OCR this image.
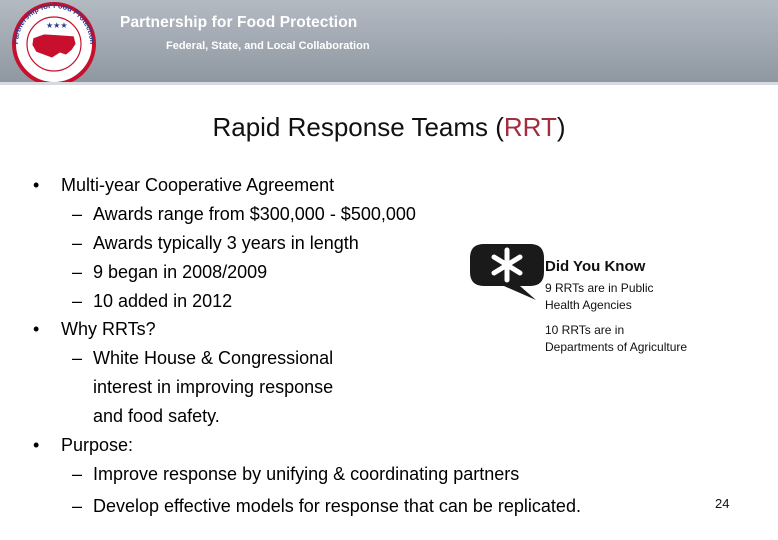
Partnership for Food Protection
★★★	Partnership for Food Protection
Federal, State, and Local Collaboration
Rapid Response Teams (RRT)
• Multi-year Cooperative Agreement
– Awards range from $300,000 - $500,000
– Awards typically 3 years in length
– 9 began in 2008/2009
– 10 added in 2012
• Why RRTs?
– White House & Congressional
interest in improving response
and food safety.
• Purpose:
– Improve response by unifying & coordinating partners
– Develop effective models for response that can be replicated.
Did You Know
9 RRTs are in Public
Health Agencies
10 RRTs are in
Departments of Agriculture
24
